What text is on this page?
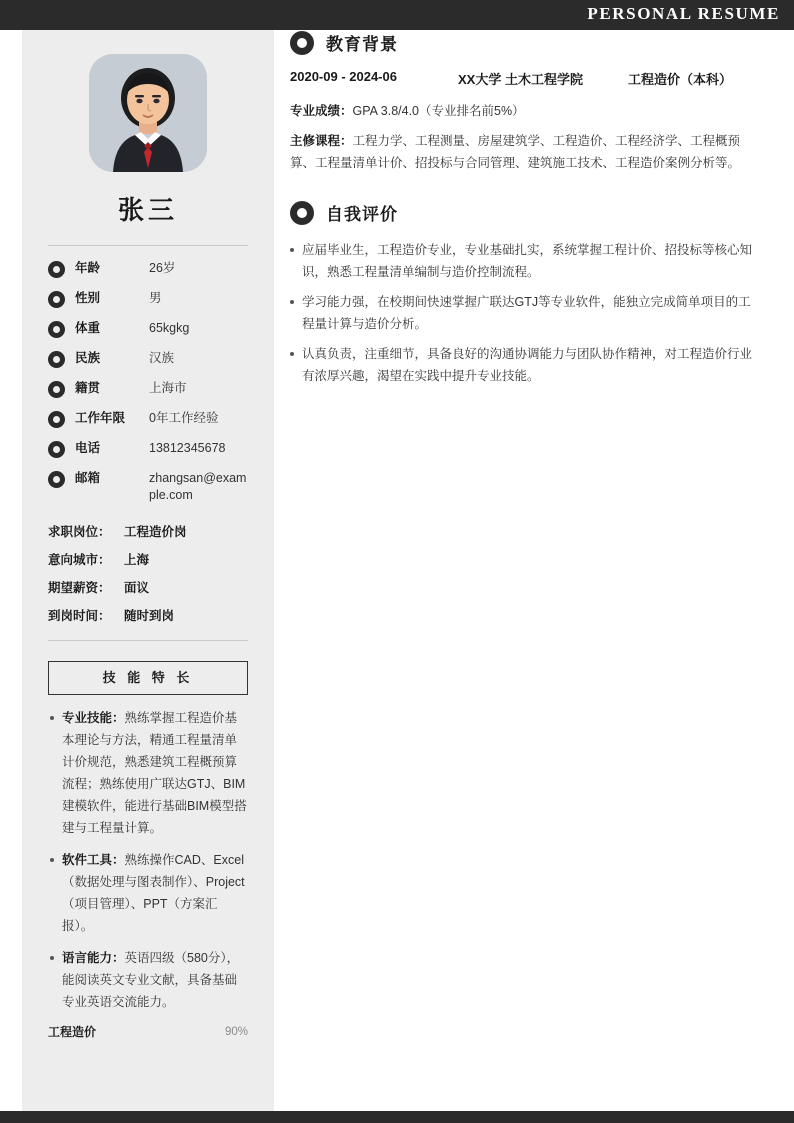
PERSONAL RESUME
张三
年龄	26岁
性别	男
体重	65kgkg
民族	汉族
籍贯	上海市
工作年限	0年工作经验
电话	13812345678
邮箱	zhangsan@example.com
求职岗位：	工程造价岗
意向城市：	上海
期望薪资：	面议
到岗时间：	随时到岗
技 能 特 长
专业技能：熟练掌握工程造价基本理论与方法，精通工程量清单计价规范，熟悉建筑工程概预算流程；熟练使用广联达GTJ、BIM建模软件，能进行基础BIM模型搭建与工程量计算。
软件工具：熟练操作CAD、Excel（数据处理与图表制作）、Project（项目管理）、PPT（方案汇报）。
语言能力：英语四级（580分），能阅读英文专业文献，具备基础专业英语交流能力。
工程造价	90%
教育背景
2020-09 - 2024-06	XX大学 土木工程学院	工程造价（本科）
专业成绩：GPA 3.8/4.0（专业排名前5%）
主修课程：工程力学、工程测量、房屋建筑学、工程造价、工程经济学、工程概预算、工程量清单计价、招投标与合同管理、建筑施工技术、工程造价案例分析等。
自我评价
应届毕业生，工程造价专业，专业基础扎实，系统掌握工程计价、招投标等核心知识，熟悉工程量清单编制与造价控制流程。
学习能力强，在校期间快速掌握广联达GTJ等专业软件，能独立完成简单项目的工程量计算与造价分析。
认真负责，注重细节，具备良好的沟通协调能力与团队协作精神，对工程造价行业有浓厚兴趣，渴望在实践中提升专业技能。
